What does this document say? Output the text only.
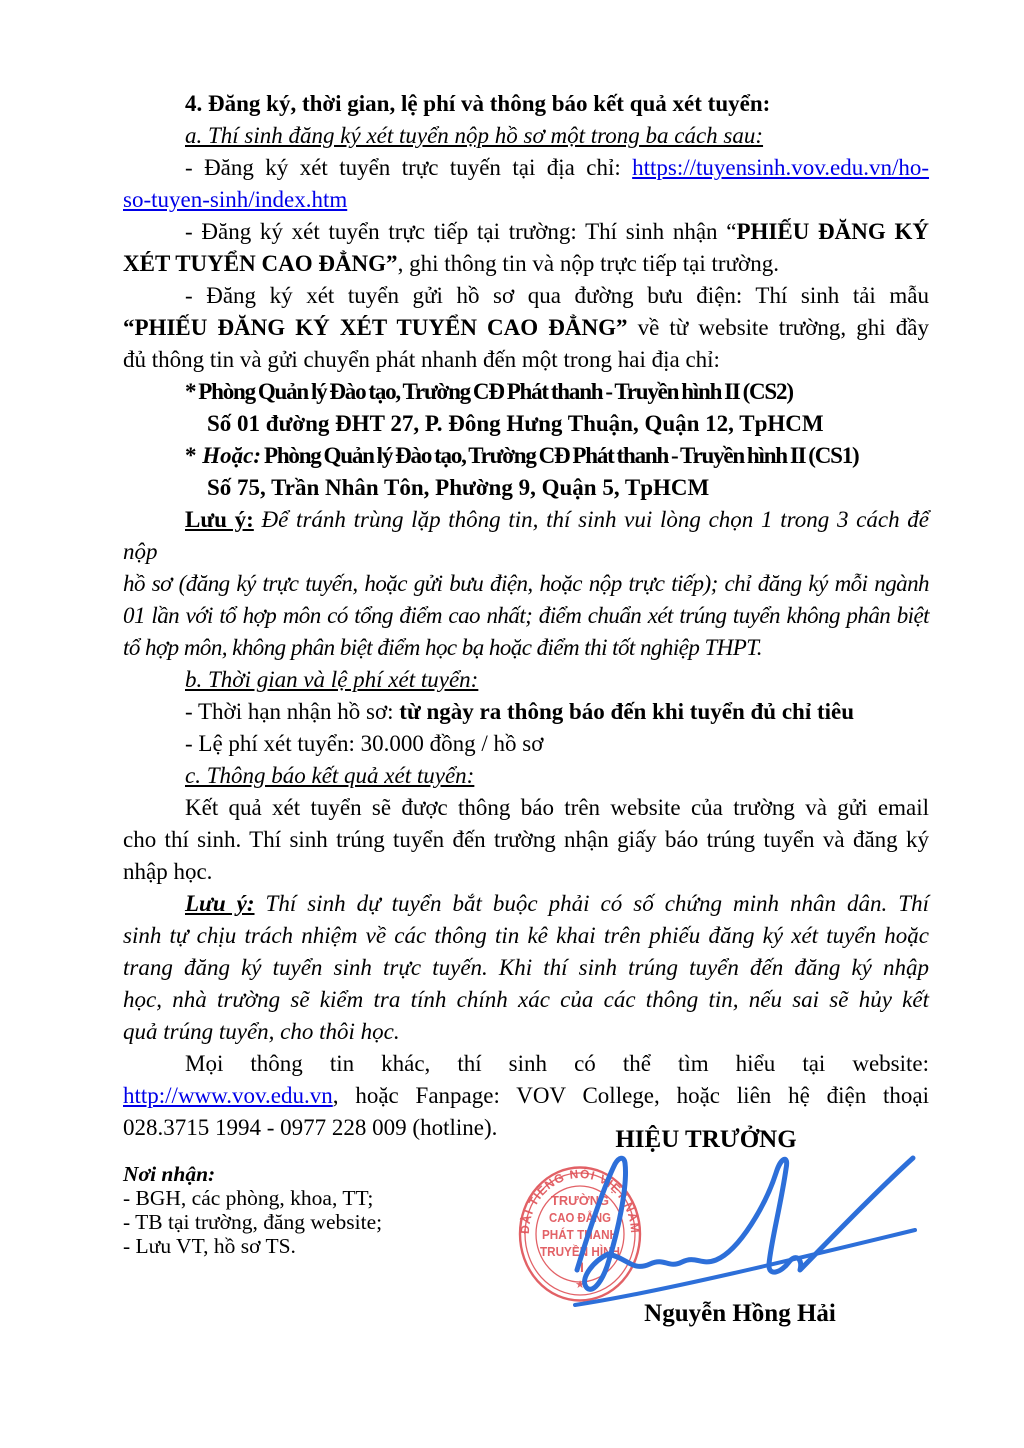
4. Đăng ký, thời gian, lệ phí và thông báo kết quả xét tuyển:
a. Thí sinh đăng ký xét tuyển nộp hồ sơ một trong ba cách sau:
- Đăng ký xét tuyển trực tuyến tại địa chỉ: https://tuyensinh.vov.edu.vn/ho-
so-tuyen-sinh/index.htm
- Đăng ký xét tuyển trực tiếp tại trường: Thí sinh nhận “PHIẾU ĐĂNG KÝ
XÉT TUYỂN CAO ĐẲNG”, ghi thông tin và nộp trực tiếp tại trường.
- Đăng ký xét tuyển gửi hồ sơ qua đường bưu điện: Thí sinh tải mẫu
“PHIẾU ĐĂNG KÝ XÉT TUYỂN CAO ĐẲNG” về từ website trường, ghi đầy
đủ thông tin và gửi chuyển phát nhanh đến một trong hai địa chỉ:
* Phòng Quản lý Đào tạo, Trường CĐ Phát thanh - Truyền hình II (CS2)
Số 01 đường ĐHT 27, P. Đông Hưng Thuận, Quận 12, TpHCM
* Hoặc: Phòng Quản lý Đào tạo, Trường CĐ Phát thanh - Truyền hình II (CS1)
Số 75, Trần Nhân Tôn, Phường 9, Quận 5, TpHCM
Lưu ý: Để tránh trùng lặp thông tin, thí sinh vui lòng chọn 1 trong 3 cách để nộp
hồ sơ (đăng ký trực tuyến, hoặc gửi bưu điện, hoặc nộp trực tiếp); chỉ đăng ký mỗi ngành
01 lần với tổ hợp môn có tổng điểm cao nhất; điểm chuẩn xét trúng tuyển không phân biệt
tổ hợp môn, không phân biệt điểm học bạ hoặc điểm thi tốt nghiệp THPT.
b. Thời gian và lệ phí xét tuyển:
- Thời hạn nhận hồ sơ: từ ngày ra thông báo đến khi tuyển đủ chỉ tiêu
- Lệ phí xét tuyển: 30.000 đồng / hồ sơ
c. Thông báo kết quả xét tuyển:
Kết quả xét tuyển sẽ được thông báo trên website của trường và gửi email
cho thí sinh. Thí sinh trúng tuyển đến trường nhận giấy báo trúng tuyển và đăng ký
nhập học.
Lưu ý: Thí sinh dự tuyển bắt buộc phải có số chứng minh nhân dân. Thí
sinh tự chịu trách nhiệm về các thông tin kê khai trên phiếu đăng ký xét tuyển hoặc
trang đăng ký tuyển sinh trực tuyến. Khi thí sinh trúng tuyển đến đăng ký nhập
học, nhà trường sẽ kiểm tra tính chính xác của các thông tin, nếu sai sẽ hủy kết
quả trúng tuyển, cho thôi học.
Mọi thông tin khác, thí sinh có thể tìm hiểu tại website:
http://www.vov.edu.vn, hoặc Fanpage: VOV College, hoặc liên hệ điện thoại
028.3715 1994 - 0977 228 009 (hotline).	HIỆU TRƯỞNG
Nơi nhận:
- BGH, các phòng, khoa, TT;
- TB tại trường, đăng website;
- Lưu VT, hồ sơ TS.
ĐÀI TIẾNG NÓI VIỆT NAM
TRƯỜNG
CAO ĐẲNG
PHÁT THANH
TRUYỀN HÌNH
II
★
Nguyễn Hồng Hải
